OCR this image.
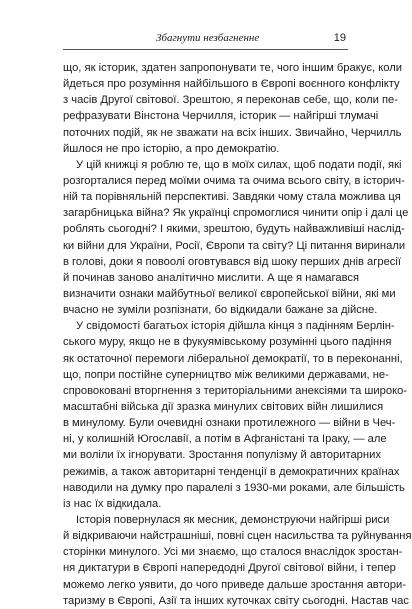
Збагнути незбагненне	19
що, як історик, здатен запропонувати те, чого іншим бракує, коли
йдеться про розуміння найбільшого в Європі воєнного конфлікту
з часів Другої світової. Зрештою, я переконав себе, що, коли пе-
рефразувати Вінстона Черчилля, історик — найгірші тлумачі
поточних подій, як не зважати на всіх інших. Звичайно, Черчилль
йшлося не про історію, а про демократію.
У цій книжці я роблю те, що в моїх силах, щоб подати події, які
розгорталися перед моїми очима та очима всього світу, в історич-
ній та порівняльній перспективі. Завдяки чому стала можлива ця
загарбницька війна? Як українці спромоглися чинити опір і далі це
роблять сьогодні? І якими, зрештою, будуть найважливіші наслід-
ки війни для України, Росії, Європи та світу? Ці питання виринали
в голові, доки я повоолі оговтувався від шоку перших днів агресії
й починав заново аналітично мислити. А ще я намагався
визначити ознаки майбутньої великої європейської війни, які ми
вчасно не зуміли розпізнати, бо відкидали бажане за дійсне.
У свідомості багатьох історія дійшла кінця з падінням Берлін-
ського муру, якщо не в фукуямівському розумінні цього падіння
як остаточної перемоги ліберальної демократії, то в переконанні,
що, попри постійне суперництво між великими державами, не-
спровоковані вторгнення з територіальними анексіями та широко-
масштабні війська дії зразка минулих світових війн лишилися
в минулому. Були очевидні ознаки протилежного — війни в Чеч-
ні, у колишній Югославії, а потім в Афганістані та Іраку, — але
ми воліли їх ігнорувати. Зростання популізму й авторитарних
режимів, а також авторитарні тенденції в демократичних країнах
наводили на думку про паралелі з 1930-ми роками, але більшість
із нас їх відкидала.
Історія повернулася як месник, демонструючи найгірші риси
й відкриваючи найстрашніші, повні сцен насильства та руйнування
сторінки минулого. Усі ми знаємо, що сталося внаслідок зростан-
ня диктатури в Європі напередодні Другої світової війни, і тепер
можемо легко уявити, до чого приведе дальше зростання автори-
таризму в Європі, Азії та інших куточках світу сьогодні. Настав час
